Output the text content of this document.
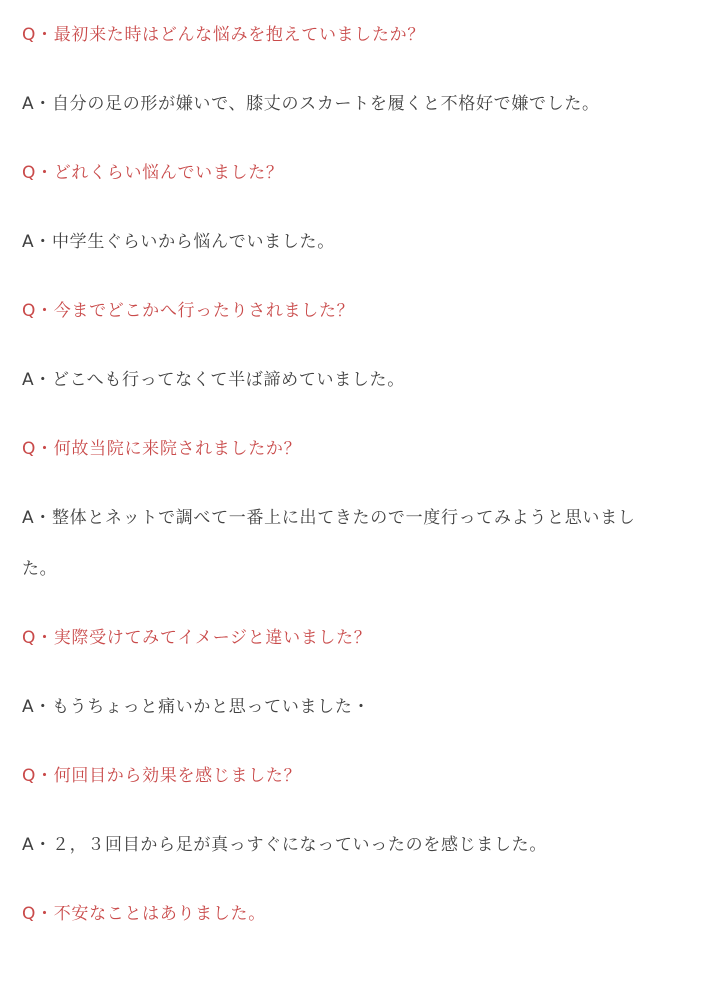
Q・最初来た時はどんな悩みを抱えていましたか？

A・自分の足の形が嫌いで、膝丈のスカートを履くと不格好で嫌でした。

Q・どれくらい悩んでいました？

A・中学生ぐらいから悩んでいました。

Q・今までどこかへ行ったりされました？

A・どこへも行ってなくて半ば諦めていました。

Q・何故当院に来院されましたか？

A・整体とネットで調べて一番上に出てきたので一度行ってみようと思いまし
た。

Q・実際受けてみてイメージと違いました？

A・もうちょっと痛いかと思っていました・

Q・何回目から効果を感じました？

A・２，３回目から足が真っすぐになっていったのを感じました。

Q・不安なことはありました。
